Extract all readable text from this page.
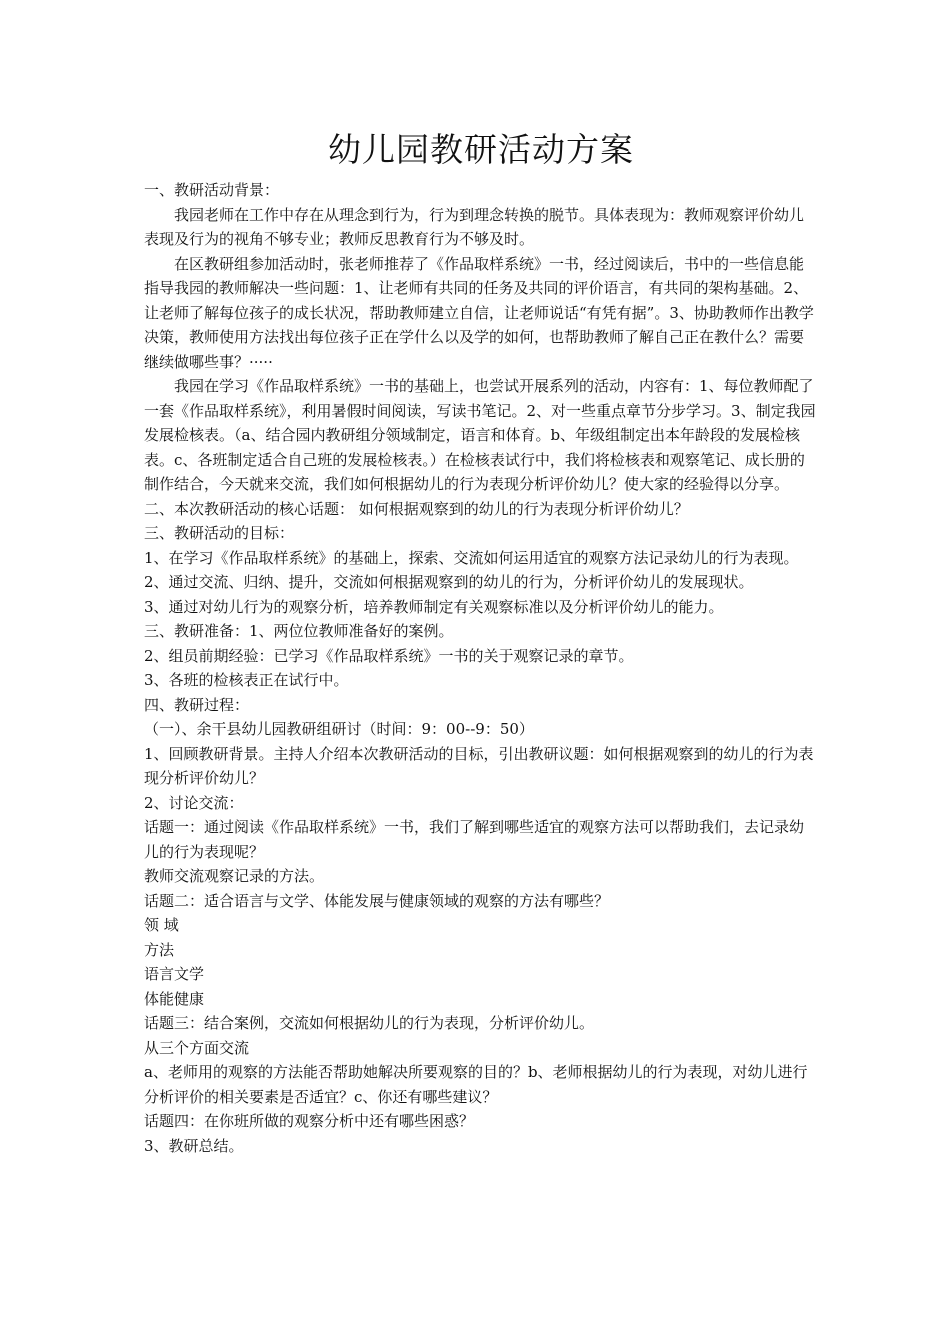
幼儿园教研活动方案

一、教研活动背景：

我园老师在工作中存在从理念到行为，行为到理念转换的脱节。具体表现为：教师观察评价幼儿表现及行为的视角不够专业；教师反思教育行为不够及时。

在区教研组参加活动时，张老师推荐了《作品取样系统》一书，经过阅读后，书中的一些信息能指导我园的教师解决一些问题：1、让老师有共同的任务及共同的评价语言，有共同的架构基础。2、让老师了解每位孩子的成长状况，帮助教师建立自信，让老师说话“有凭有据”。3、协助教师作出教学决策，教师使用方法找出每位孩子正在学什么以及学的如何，也帮助教师了解自己正在教什么？需要继续做哪些事？·····

我园在学习《作品取样系统》一书的基础上，也尝试开展系列的活动，内容有：1、每位教师配了一套《作品取样系统》，利用暑假时间阅读，写读书笔记。2、对一些重点章节分步学习。3、制定我园发展检核表。（a、结合园内教研组分领域制定，语言和体育。b、年级组制定出本年龄段的发展检核表。c、各班制定适合自己班的发展检核表。）在检核表试行中，我们将检核表和观察笔记、成长册的制作结合，今天就来交流，我们如何根据幼儿的行为表现分析评价幼儿？使大家的经验得以分享。

二、本次教研活动的核心话题： 如何根据观察到的幼儿的行为表现分析评价幼儿？

三、教研活动的目标：

1、在学习《作品取样系统》的基础上，探索、交流如何运用适宜的观察方法记录幼儿的行为表现。

2、通过交流、归纳、提升，交流如何根据观察到的幼儿的行为，分析评价幼儿的发展现状。

3、通过对幼儿行为的观察分析，培养教师制定有关观察标准以及分析评价幼儿的能力。

三、教研准备：1、两位位教师准备好的案例。

2、组员前期经验：已学习《作品取样系统》一书的关于观察记录的章节。

3、各班的检核表正在试行中。

四、教研过程：

（一）、余干县幼儿园教研组研讨（时间：9：00--9：50）

1、回顾教研背景。主持人介绍本次教研活动的目标，引出教研议题：如何根据观察到的幼儿的行为表现分析评价幼儿？

2、讨论交流：

话题一：通过阅读《作品取样系统》一书，我们了解到哪些适宜的观察方法可以帮助我们，去记录幼儿的行为表现呢？

教师交流观察记录的方法。

话题二：适合语言与文学、体能发展与健康领域的观察的方法有哪些？

领 域

方法

语言文学

体能健康

话题三：结合案例，交流如何根据幼儿的行为表现，分析评价幼儿。

从三个方面交流

a、老师用的观察的方法能否帮助她解决所要观察的目的？b、老师根据幼儿的行为表现，对幼儿进行分析评价的相关要素是否适宜？c、你还有哪些建议？

话题四：在你班所做的观察分析中还有哪些困惑？

3、教研总结。
